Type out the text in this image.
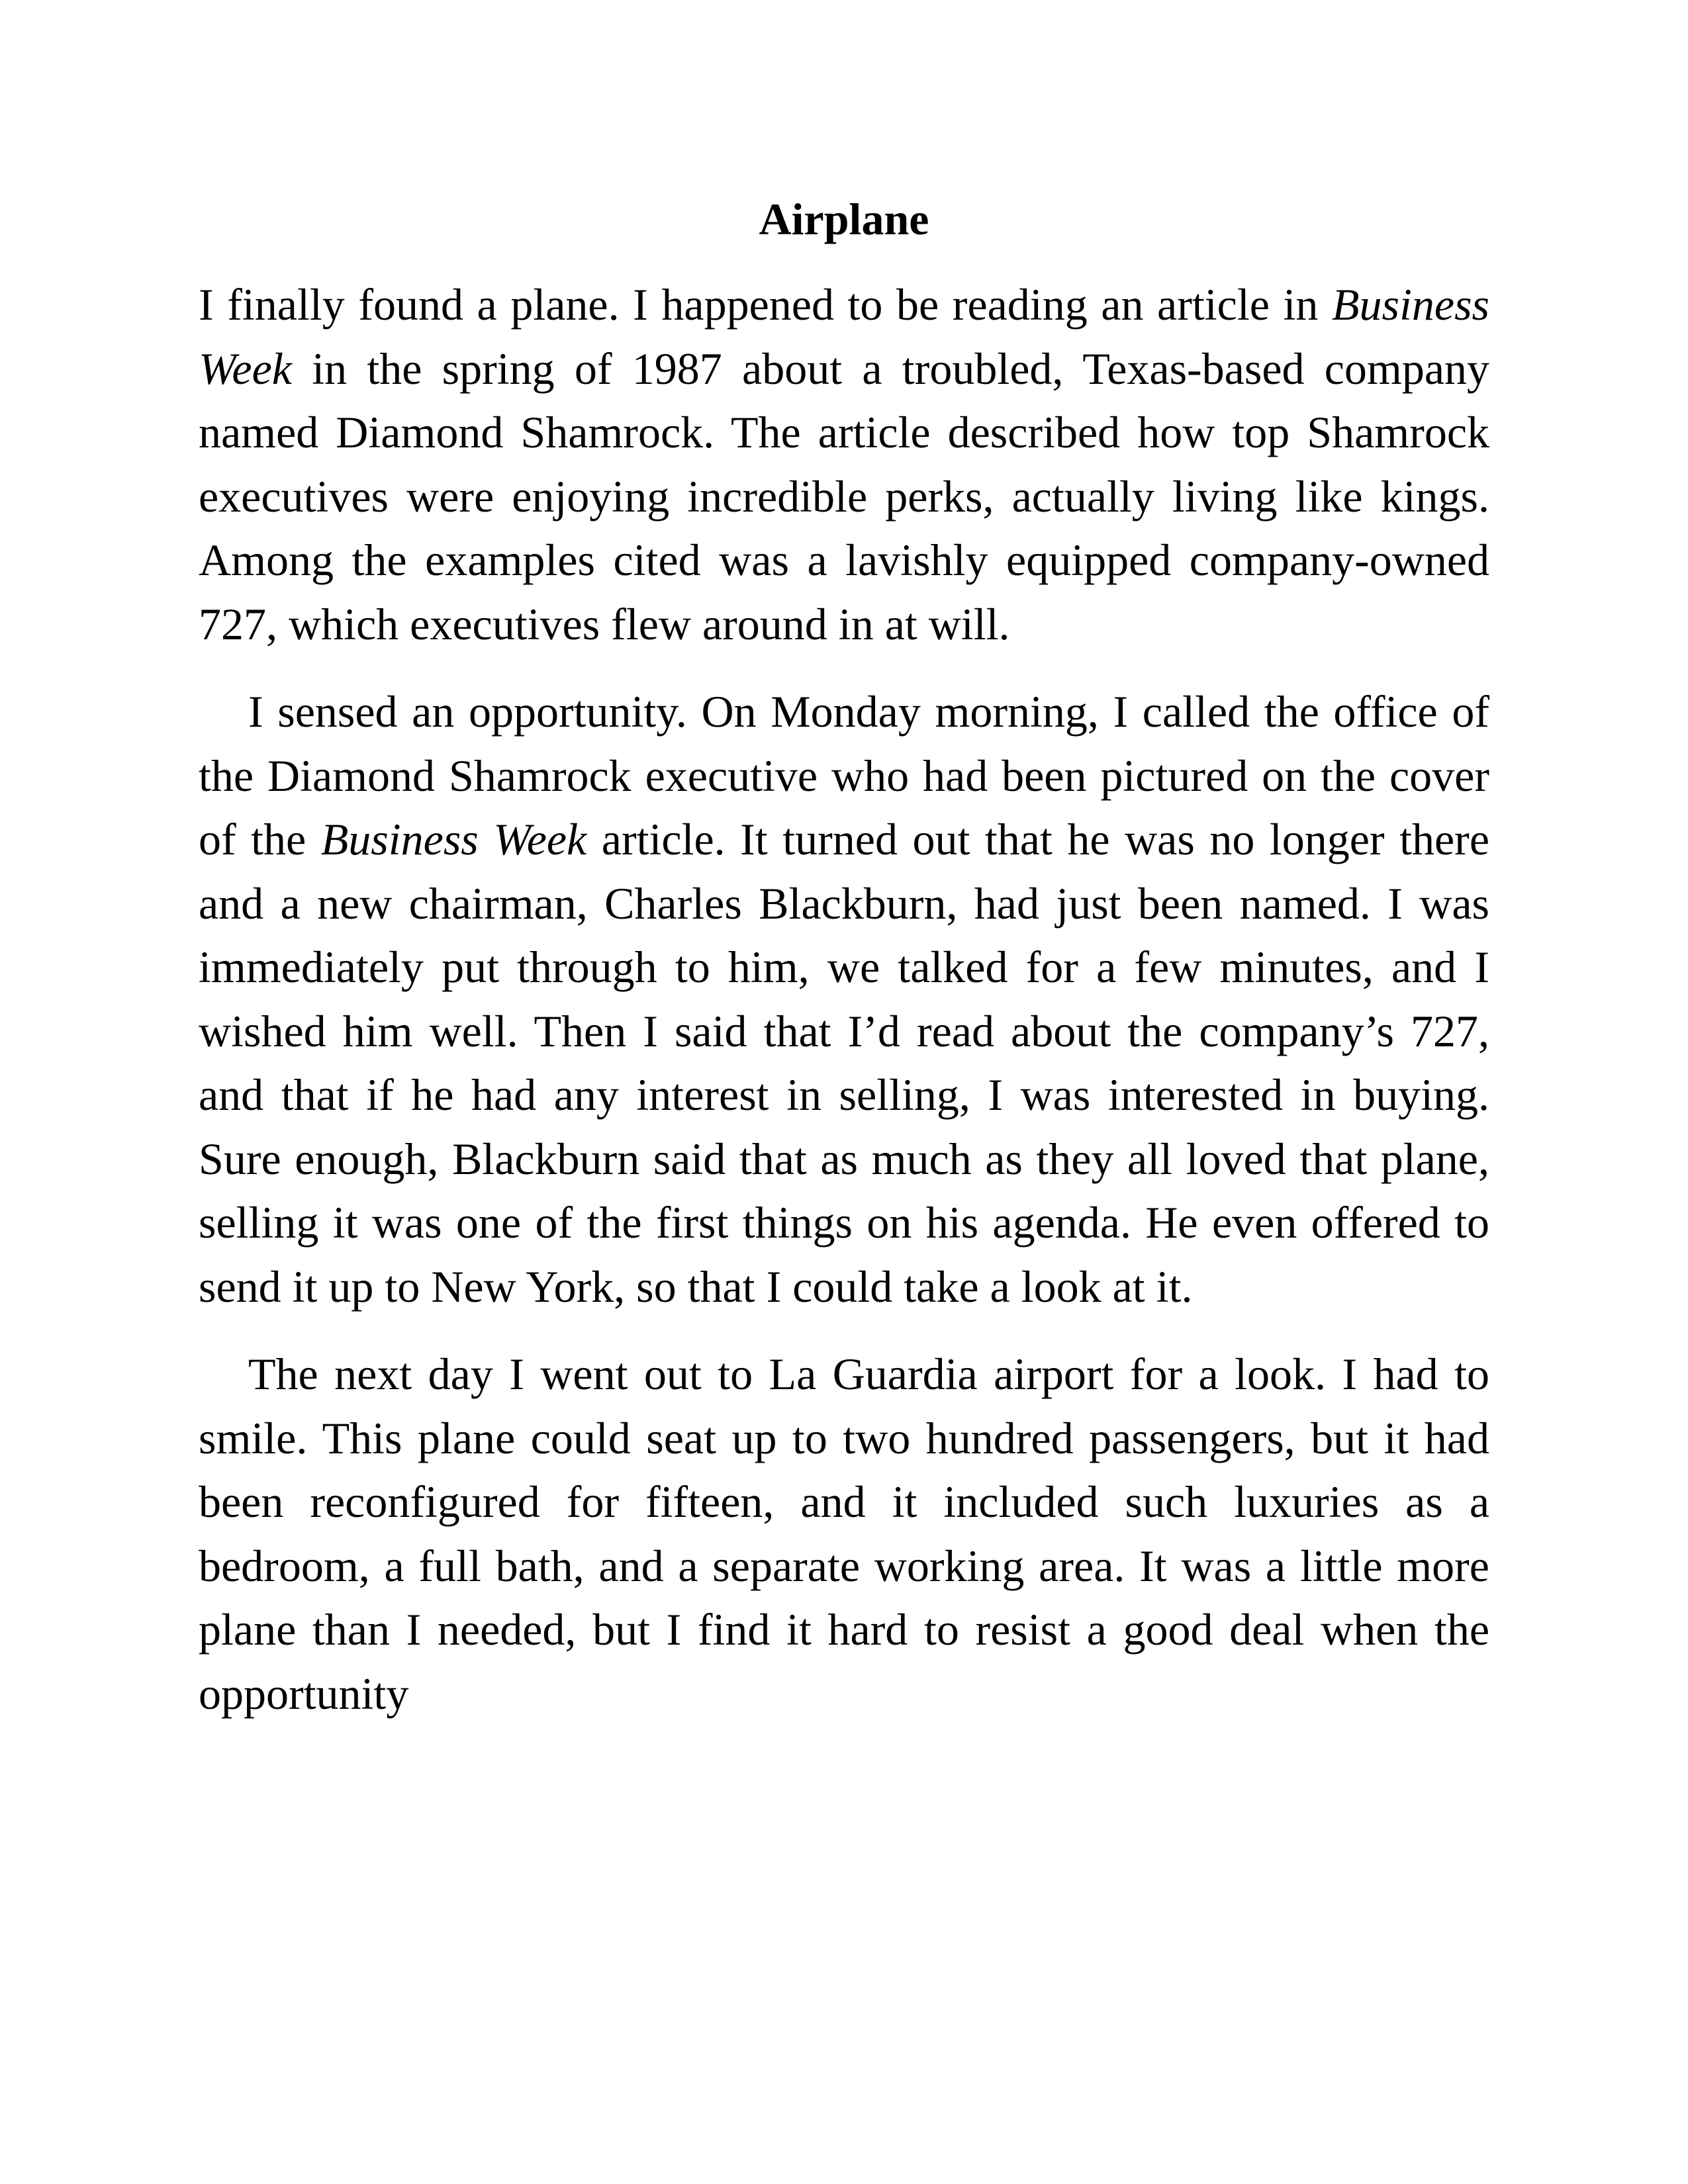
Airplane

I finally found a plane. I happened to be reading an article in Business Week in the spring of 1987 about a troubled, Texas-based company named Diamond Shamrock. The article described how top Shamrock executives were enjoying incredible perks, actually living like kings. Among the examples cited was a lavishly equipped company-owned 727, which executives flew around in at will.

I sensed an opportunity. On Monday morning, I called the office of the Diamond Shamrock executive who had been pictured on the cover of the Business Week article. It turned out that he was no longer there and a new chairman, Charles Blackburn, had just been named. I was immediately put through to him, we talked for a few minutes, and I wished him well. Then I said that I’d read about the company’s 727, and that if he had any interest in selling, I was interested in buying. Sure enough, Blackburn said that as much as they all loved that plane, selling it was one of the first things on his agenda. He even offered to send it up to New York, so that I could take a look at it.

The next day I went out to La Guardia airport for a look. I had to smile. This plane could seat up to two hundred passengers, but it had been reconfigured for fifteen, and it included such luxuries as a bedroom, a full bath, and a separate working area. It was a little more plane than I needed, but I find it hard to resist a good deal when the opportunity
